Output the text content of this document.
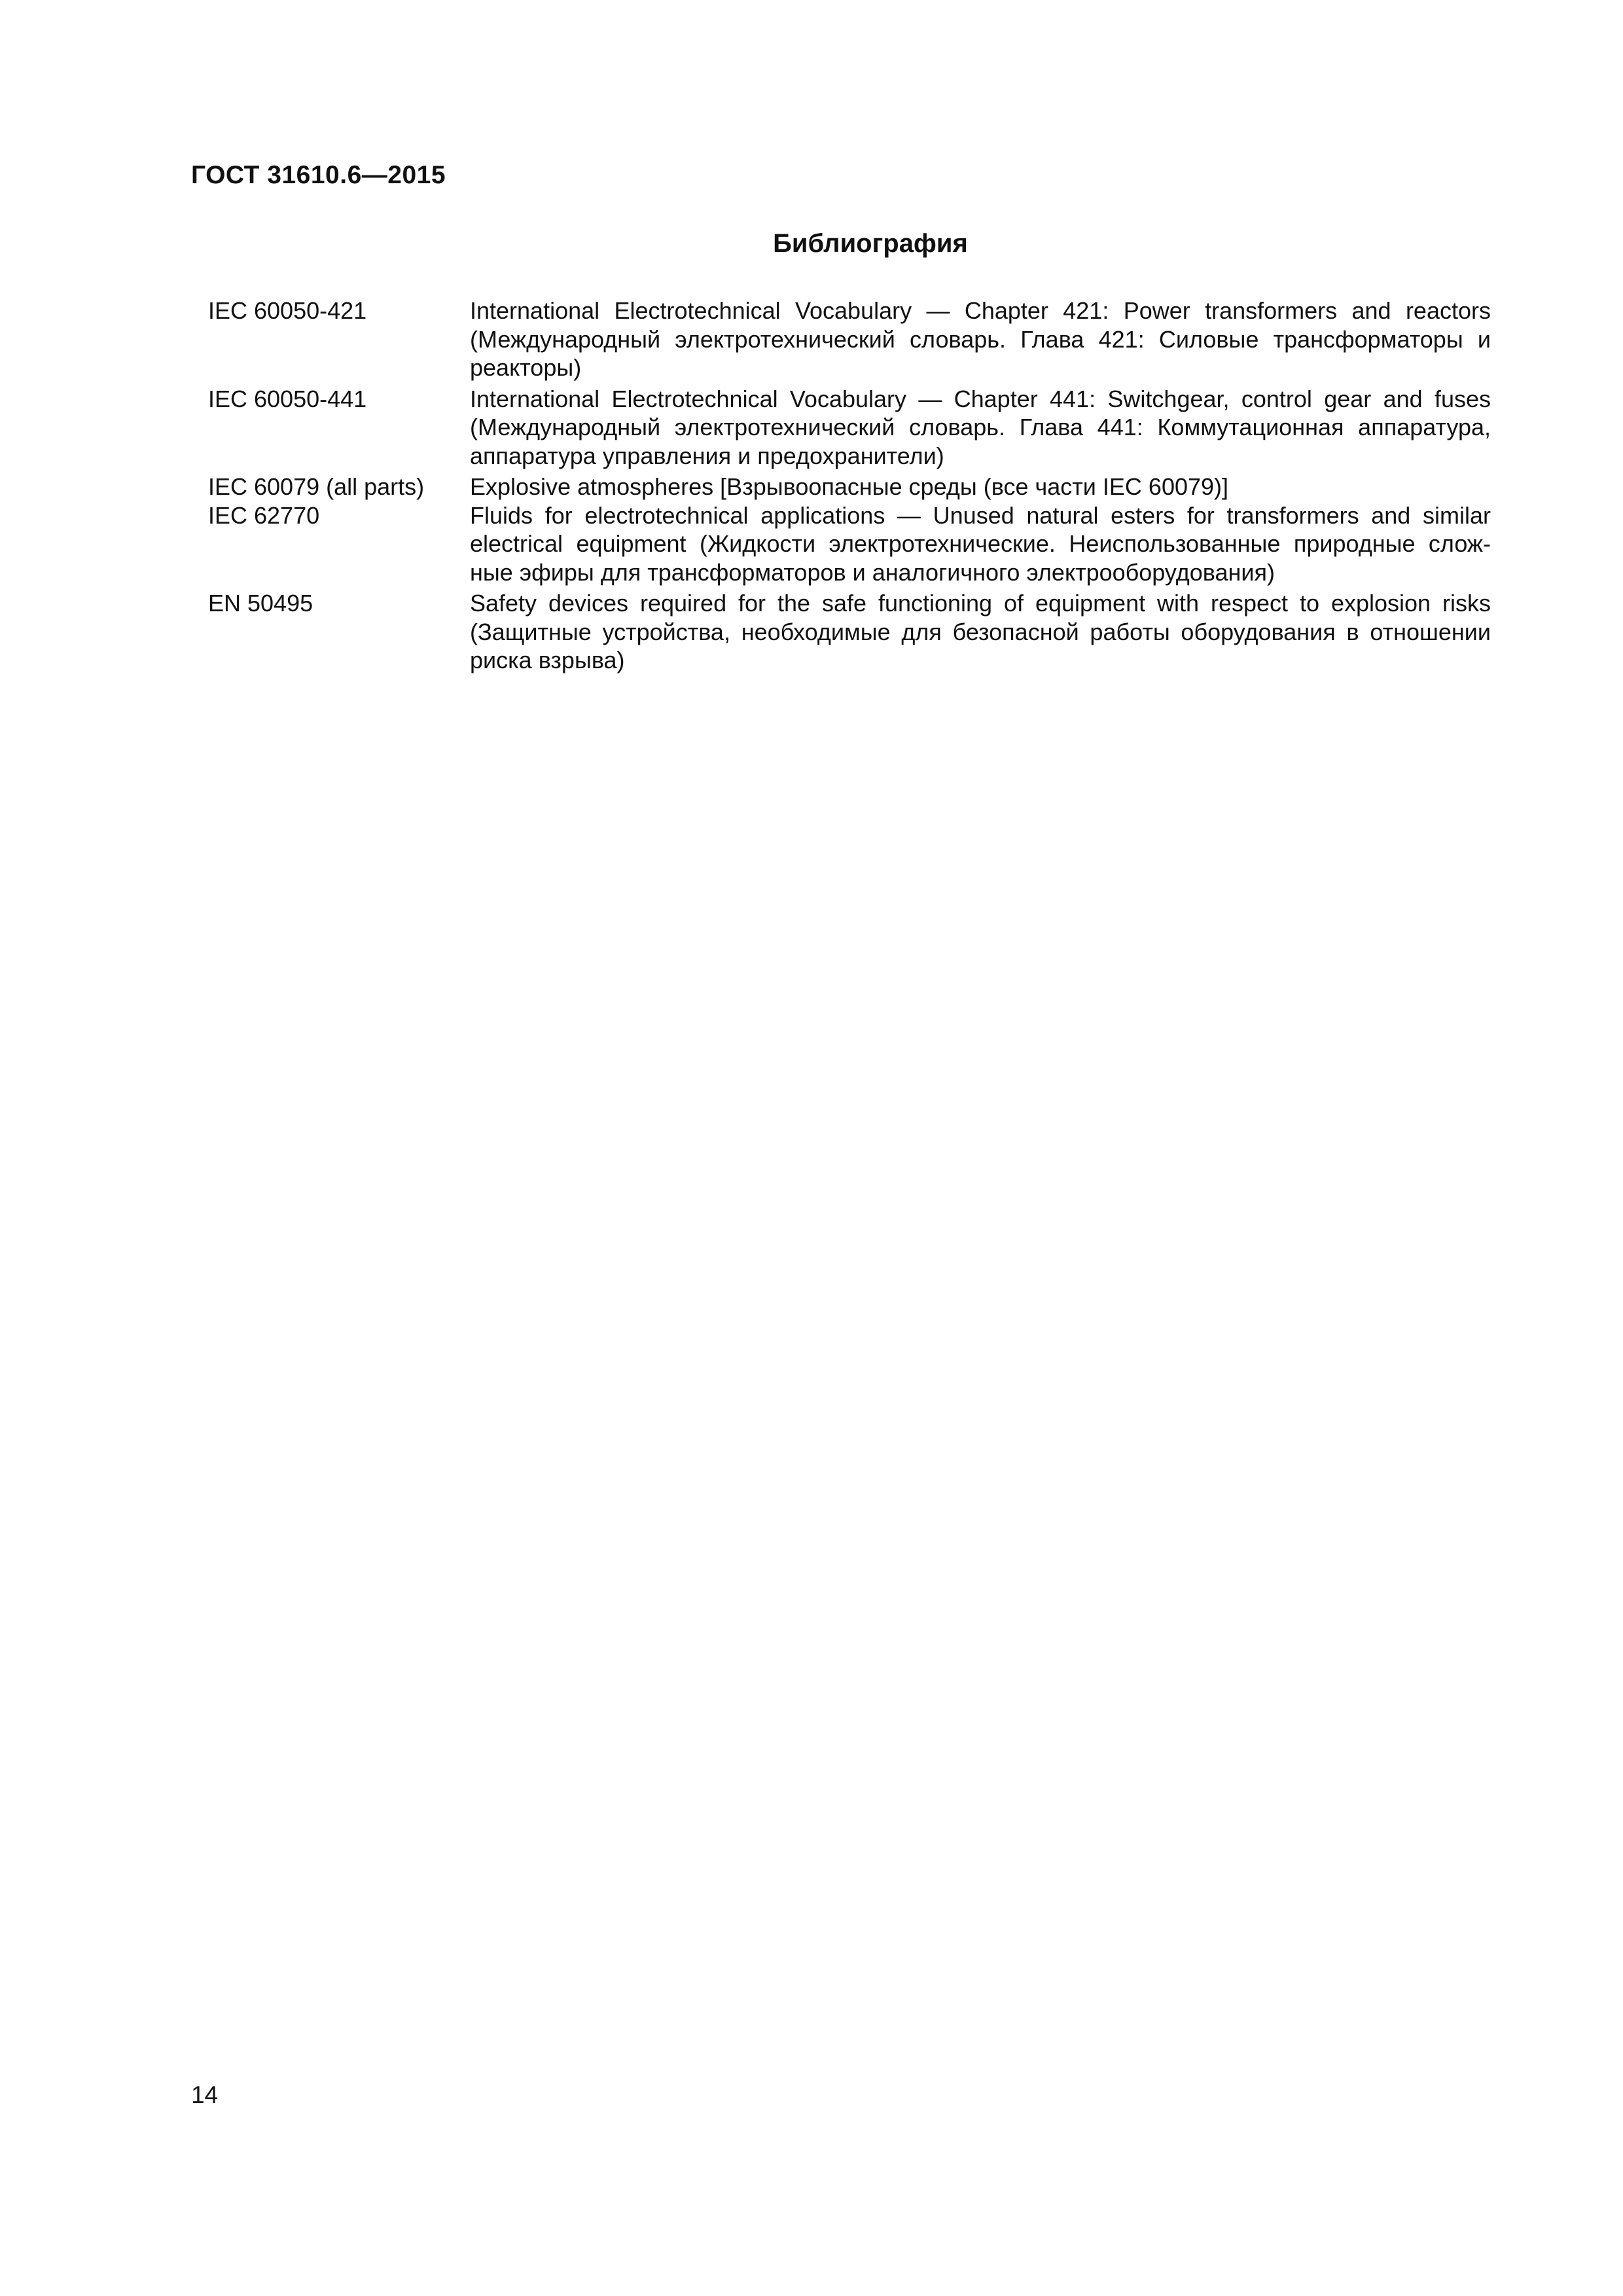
ГОСТ 31610.6—2015
Библиография
IEC 60050-421	International Electrotechnical Vocabulary — Chapter 421: Power transformers and reactors
(Международный электротехнический словарь. Глава 421: Силовые трансформаторы и
реакторы)
IEC 60050-441	International Electrotechnical Vocabulary — Chapter 441: Switchgear, control gear and fuses
(Международный электротехнический словарь. Глава 441: Коммутационная аппаратура,
аппаратура управления и предохранители)
IEC 60079 (all parts)	Explosive atmospheres [Взрывоопасные среды (все части IEC 60079)]
IEC 62770	Fluids for electrotechnical applications — Unused natural esters for transformers and similar
electrical equipment (Жидкости электротехнические. Неиспользованные природные слож-
ные эфиры для трансформаторов и аналогичного электрооборудования)
EN 50495	Safety devices required for the safe functioning of equipment with respect to explosion risks
(Защитные устройства, необходимые для безопасной работы оборудования в отношении
риска взрыва)
14
